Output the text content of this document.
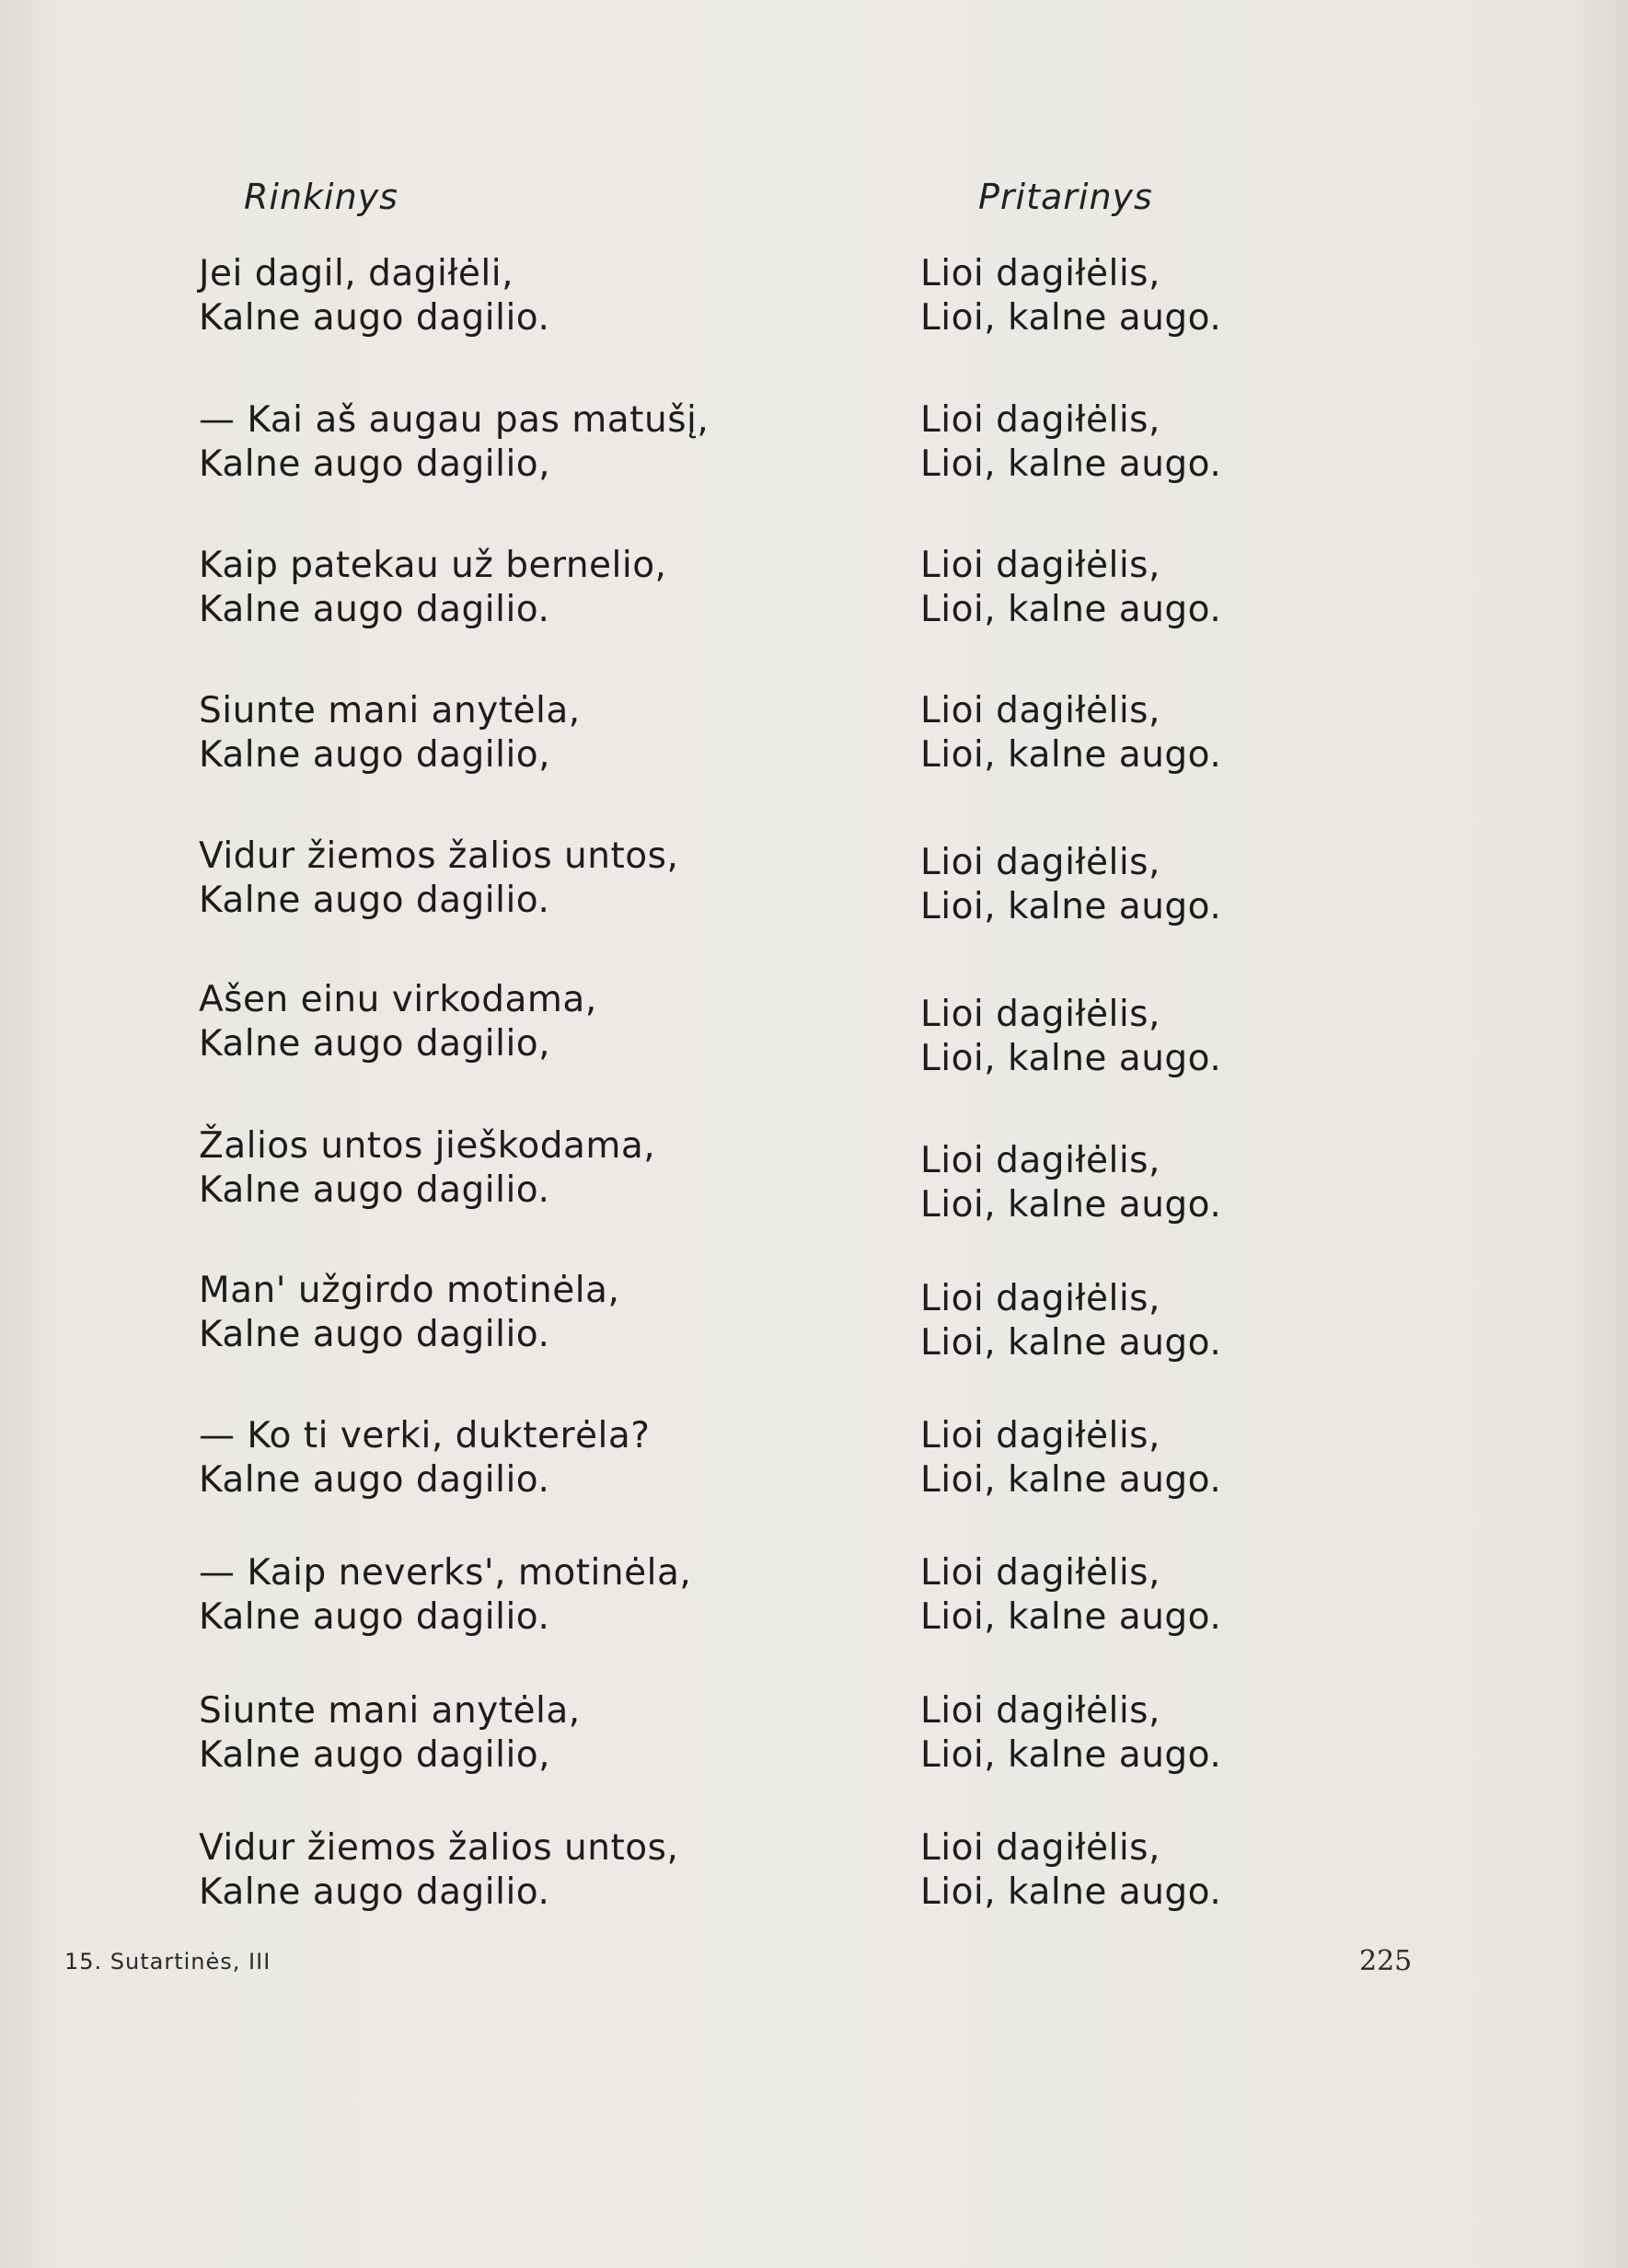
Rinkinys	Pritarinys
Jei dagil, dagiłėli,
Kalne augo dagilio.
Lioi dagiłėlis,
Lioi, kalne augo.
— Kai aš augau pas matušį,
Kalne augo dagilio,
Lioi dagiłėlis,
Lioi, kalne augo.
Kaip patekau už bernelio,
Kalne augo dagilio.
Lioi dagiłėlis,
Lioi, kalne augo.
Siunte mani anytėla,
Kalne augo dagilio,
Lioi dagiłėlis,
Lioi, kalne augo.
Vidur žiemos žalios untos,
Kalne augo dagilio.
Lioi dagiłėlis,
Lioi, kalne augo.
Ašen einu virkodama,
Kalne augo dagilio,
Lioi dagiłėlis,
Lioi, kalne augo.
Žalios untos jieškodama,
Kalne augo dagilio.
Lioi dagiłėlis,
Lioi, kalne augo.
Man' užgirdo motinėla,
Kalne augo dagilio.
Lioi dagiłėlis,
Lioi, kalne augo.
— Ko ti verki, dukterėla?
Kalne augo dagilio.
Lioi dagiłėlis,
Lioi, kalne augo.
— Kaip neverks', motinėla,
Kalne augo dagilio.
Lioi dagiłėlis,
Lioi, kalne augo.
Siunte mani anytėla,
Kalne augo dagilio,
Lioi dagiłėlis,
Lioi, kalne augo.
Vidur žiemos žalios untos,
Kalne augo dagilio.
Lioi dagiłėlis,
Lioi, kalne augo.
15. Sutartinės, III	225
